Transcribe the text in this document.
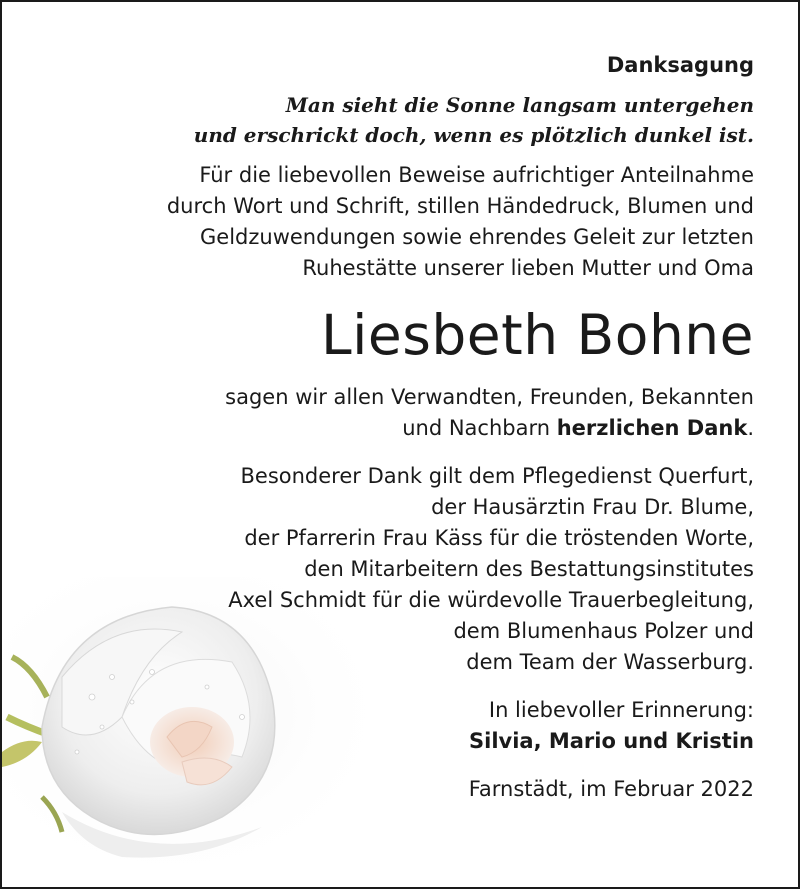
Danksagung
Man sieht die Sonne langsam untergehen
und erschrickt doch, wenn es plötzlich dunkel ist.
Für die liebevollen Beweise aufrichtiger Anteilnahme
durch Wort und Schrift, stillen Händedruck, Blumen und
Geldzuwendungen sowie ehrendes Geleit zur letzten
Ruhestätte unserer lieben Mutter und Oma
Liesbeth Bohne
sagen wir allen Verwandten, Freunden, Bekannten
und Nachbarn herzlichen Dank.
Besonderer Dank gilt dem Pflegedienst Querfurt,
der Hausärztin Frau Dr. Blume,
der Pfarrerin Frau Käss für die tröstenden Worte,
den Mitarbeitern des Bestattungsinstitutes
Axel Schmidt für die würdevolle Trauerbegleitung,
dem Blumenhaus Polzer und
dem Team der Wasserburg.
In liebevoller Erinnerung:
Silvia, Mario und Kristin
Farnstädt, im Februar 2022
